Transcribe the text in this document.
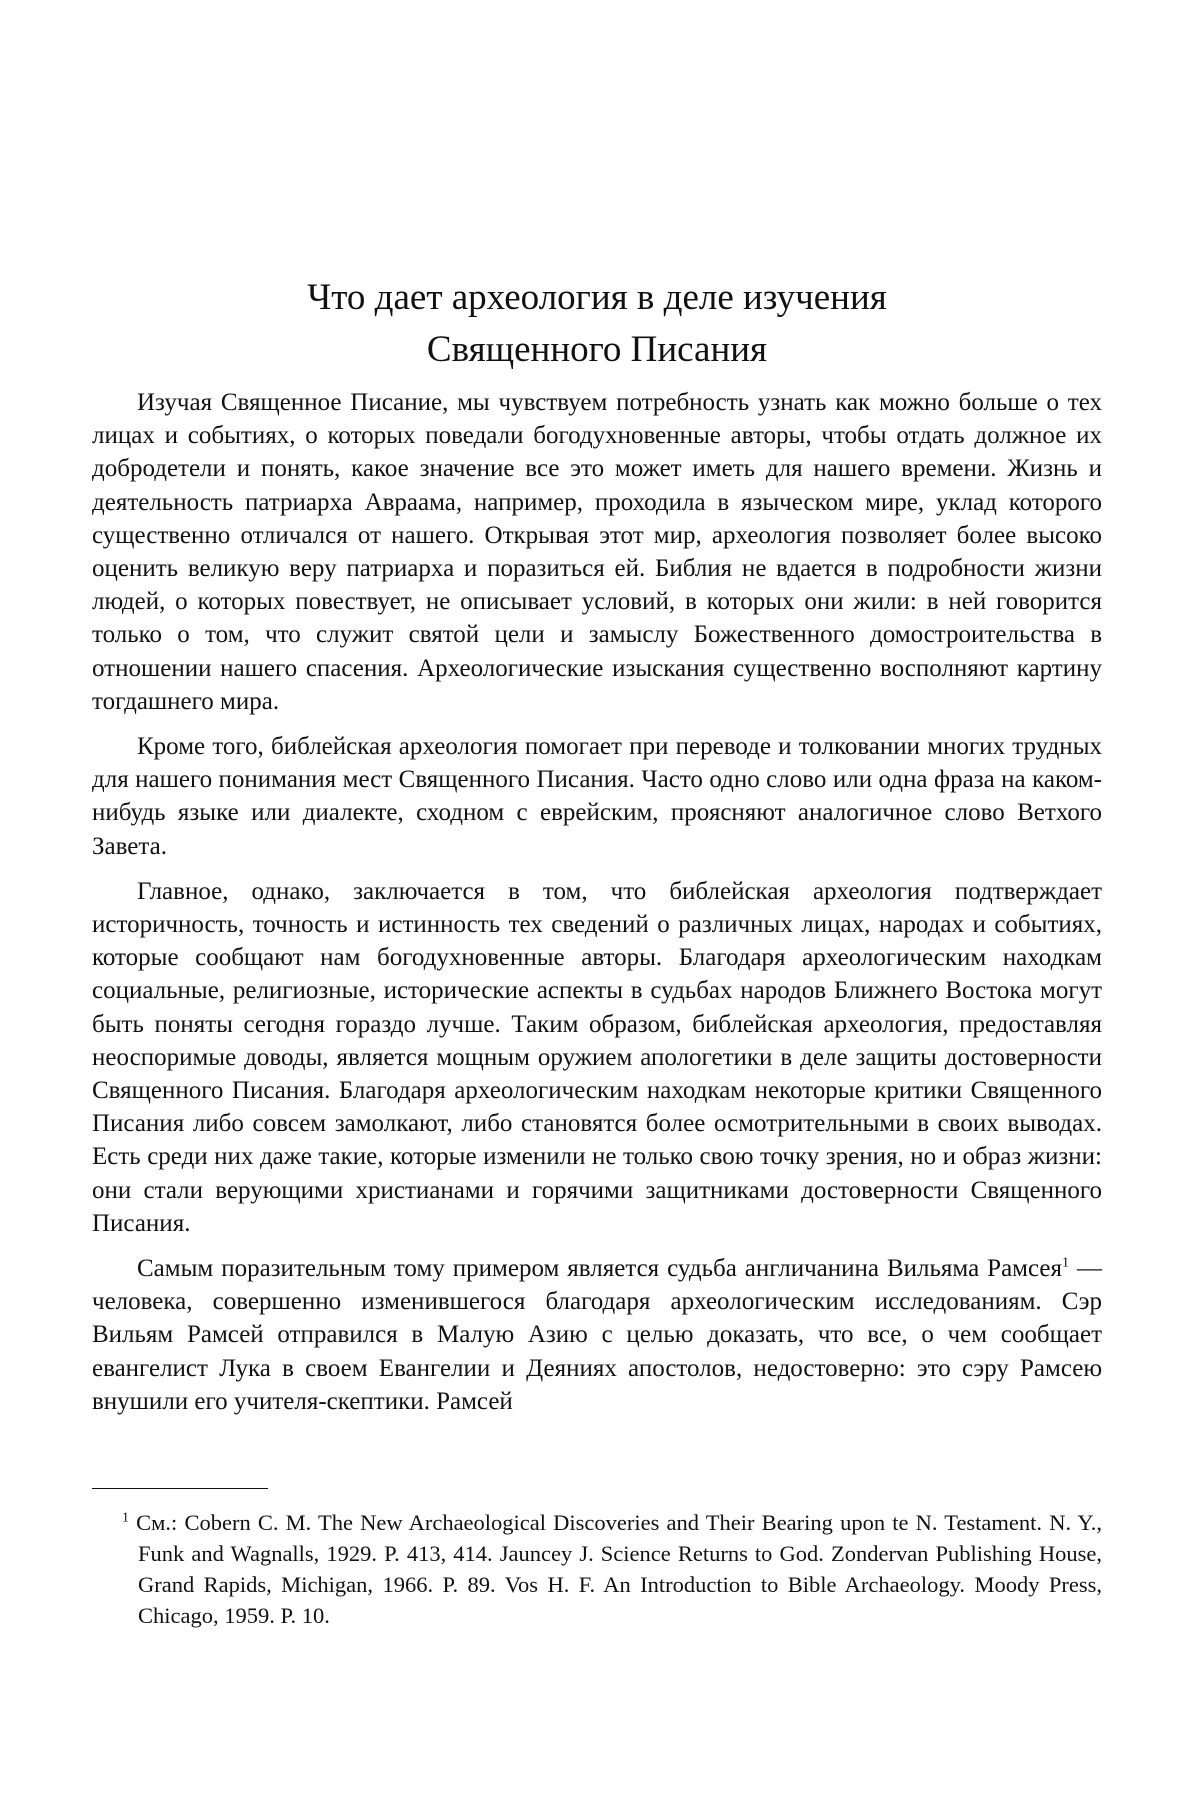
Что дает археология в деле изучения
Священного Писания

Изучая Священное Писание, мы чувствуем потребность узнать как можно больше о тех лицах и событиях, о которых поведали богодухновенные авторы, чтобы отдать должное их добродетели и понять, какое значение все это может иметь для нашего времени. Жизнь и деятельность патриарха Авраама, например, проходила в языческом мире, уклад которого существенно отличался от нашего. Открывая этот мир, археология позволяет более высоко оценить великую веру патриарха и поразиться ей. Библия не вдается в подробности жизни людей, о которых повествует, не описывает условий, в которых они жили: в ней говорится только о том, что служит святой цели и замыслу Божественного домостроительства в отношении нашего спасения. Археологические изыскания существенно восполняют картину тогдашнего мира.

Кроме того, библейская археология помогает при переводе и толковании многих трудных для нашего понимания мест Священного Писания. Часто одно слово или одна фраза на каком-нибудь языке или диалекте, сходном с еврейским, проясняют аналогичное слово Ветхого Завета.

Главное, однако, заключается в том, что библейская археология подтверждает историчность, точность и истинность тех сведений о различных лицах, народах и событиях, которые сообщают нам богодухновенные авторы. Благодаря археологическим находкам социальные, религиозные, исторические аспекты в судьбах народов Ближнего Востока могут быть поняты сегодня гораздо лучше. Таким образом, библейская археология, предоставляя неоспоримые доводы, является мощным оружием апологетики в деле защиты достоверности Священного Писания. Благодаря археологическим находкам некоторые критики Священного Писания либо совсем замолкают, либо становятся более осмотрительными в своих выводах. Есть среди них даже такие, которые изменили не только свою точку зрения, но и образ жизни: они стали верующими христианами и горячими защитниками достоверности Священного Писания.

Самым поразительным тому примером является судьба англичанина Вильяма Рамсея$^1$ — человека, совершенно изменившегося благодаря археологическим исследованиям. Сэр Вильям Рамсей отправился в Малую Азию с целью доказать, что все, о чем сообщает евангелист Лука в своем Евангелии и Деяниях апостолов, недостоверно: это сэру Рамсею внушили его учителя-скептики. Рамсей

$^1$ См.: Cobern C. M. The New Archaeological Discoveries and Their Bearing upon te N. Testament. N. Y., Funk and Wagnalls, 1929. P. 413, 414. Jauncey J. Science Returns to God. Zondervan Publishing House, Grand Rapids, Michigan, 1966. P. 89. Vos H. F. An Introduction to Bible Archaeology. Moody Press, Chicago, 1959. P. 10.
